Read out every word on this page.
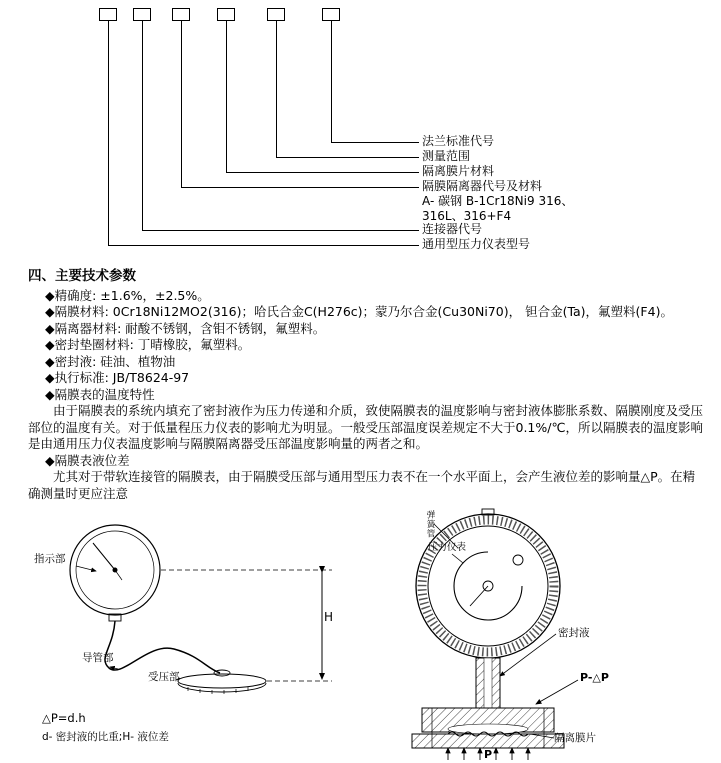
法兰标准代号
测量范围
隔离膜片材料
隔膜隔离器代号及材料
A- 碳钢 B-1Cr18Ni9 316、
316L、316+F4
连接器代号
通用型压力仪表型号
四、主要技术参数
◆精确度: ±1.6%，±2.5%。
◆隔膜材料: 0Cr18Ni12MO2(316)；哈氏合金C(H276c)；蒙乃尔合金(Cu30Ni70)， 钽合金(Ta)，氟塑料(F4)。
◆隔离器材料: 耐酸不锈钢，含钼不锈钢，氟塑料。
◆密封垫圈材料: 丁晴橡胶，氟塑料。
◆密封液: 硅油、植物油
◆执行标准: JB/T8624-97
◆隔膜表的温度特性

由于隔膜表的系统内填充了密封液作为压力传递和介质，致使隔膜表的温度影响与密封液体膨胀系数、隔膜刚度及受压部位的温度有关。对于低量程压力仪表的影响尤为明显。一般受压部温度误差规定不大于0.1%/℃，所以隔膜表的温度影响是由通用压力仪表温度影响与隔膜隔离器受压部温度影响量的两者之和。

◆隔膜表液位差

尤其对于带软连接管的隔膜表，由于隔膜受压部与通用型压力表不在一个水平面上，会产生液位差的影响量△P。在精确测量时更应注意

指示部
导管部
受压部
H
△P=d.h
d- 密封液的比重;H- 液位差
弹簧管
压力仪表
密封液
P-△P
隔离膜片
P
